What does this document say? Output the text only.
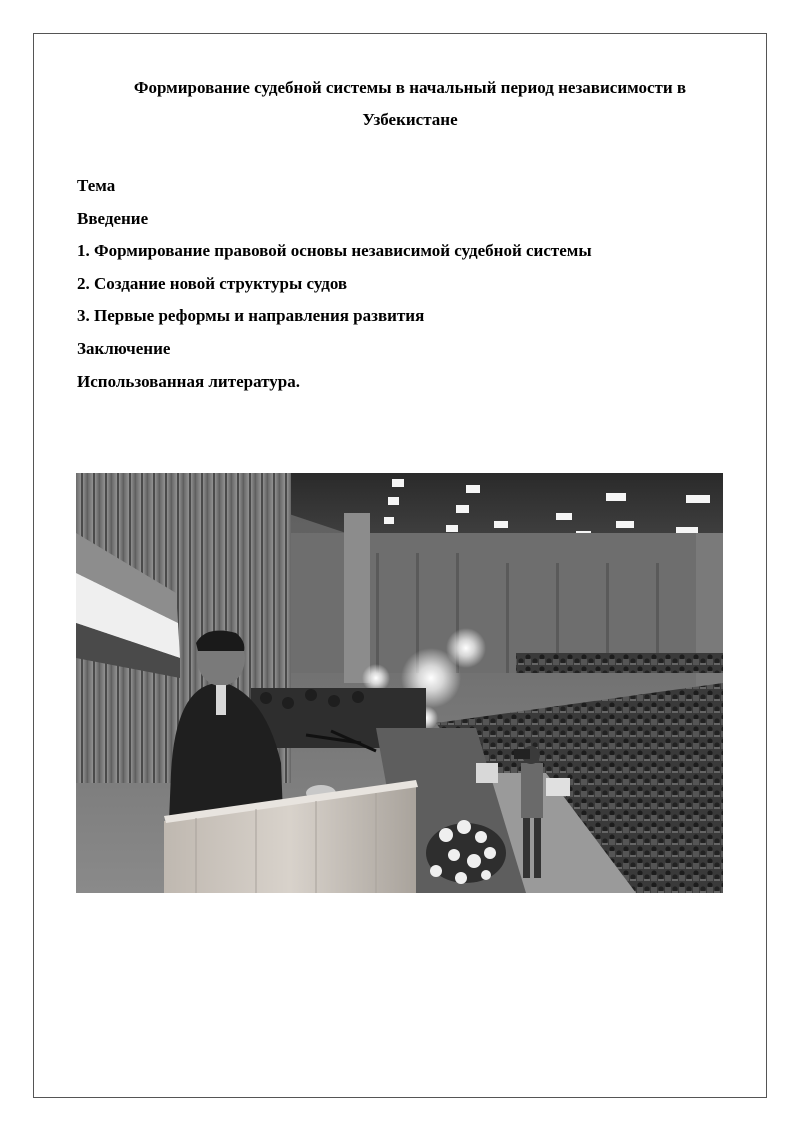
Формирование судебной системы в начальный период независимости в
Узбекистане
Тема
Введение
1. Формирование правовой основы независимой судебной системы
2. Создание новой структуры судов
3. Первые реформы и направления развития
Заключение
Использованная литература.
